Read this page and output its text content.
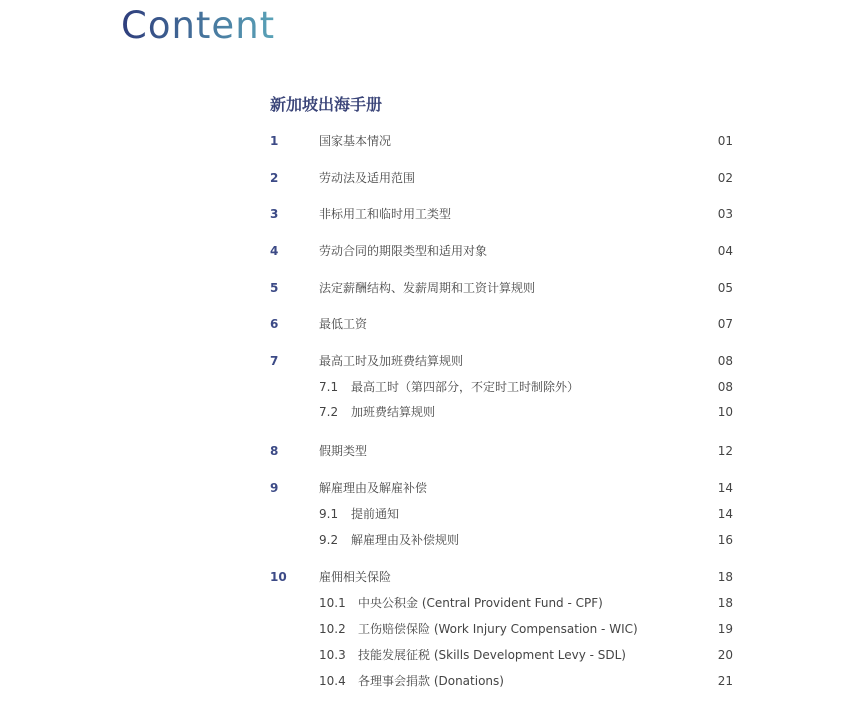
Content
新加坡出海手册
1	国家基本情况	01
2	劳动法及适用范围	02
3	非标用工和临时用工类型	03
4	劳动合同的期限类型和适用对象	04
5	法定薪酬结构、发薪周期和工资计算规则	05
6	最低工资	07
7	最高工时及加班费结算规则	08
7.1 最高工时（第四部分，不定时工时制除外）	08
7.2 加班费结算规则	10
8	假期类型	12
9	解雇理由及解雇补偿	14
9.1 提前通知	14
9.2 解雇理由及补偿规则	16
10	雇佣相关保险	18
10.1 中央公积金 (Central Provident Fund - CPF)	18
10.2 工伤赔偿保险 (Work Injury Compensation - WIC)	19
10.3 技能发展征税 (Skills Development Levy - SDL)	20
10.4 各理事会捐款 (Donations)	21
